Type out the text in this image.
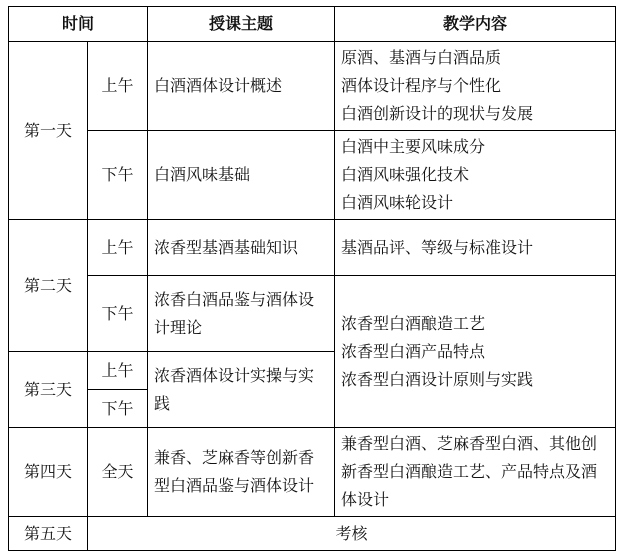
时间		授课主题	教学内容
第一天	上午	白酒酒体设计概述	原酒、基酒与白酒品质
酒体设计程序与个性化
白酒创新设计的现状与发展

	下午	白酒风味基础	白酒中主要风味成分
白酒风味强化技术
白酒风味轮设计

第二天	上午	浓香型基酒基础知识	基酒品评、等级与标准设计
	下午	浓香白酒品鉴与酒体设计理论	浓香型白酒酿造工艺
浓香型白酒产品特点
浓香型白酒设计原则与实践

第三天	上午	浓香酒体设计实操与实践	

	下午		
第四天	全天	兼香、芝麻香等创新香型白酒品鉴与酒体设计	兼香型白酒、芝麻香型白酒、其他创新香型白酒酿造工艺、产品特点及酒体设计

第五天	考核		
